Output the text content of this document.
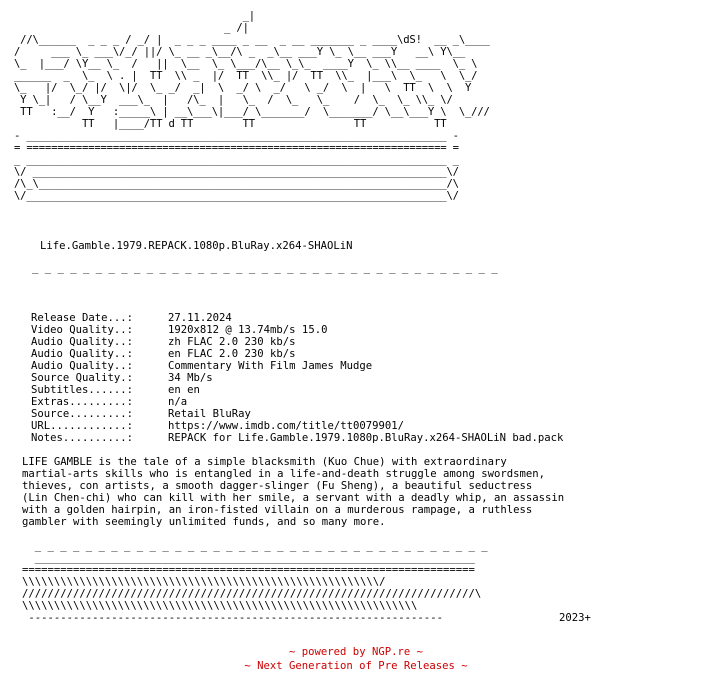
_|
_ /|
//\______  _ _ _ / _/ |  _ _ _ ____ _ __  _ __ _______ _ ____\dS!  __ _\____
/     ___ \_ ___\/_/ ||/ \_ __ _\__/\ _  _\__ ___Y \_ \__ ___Y   __\ Y\__
\_  |___/ \Y__ \_  /   ||  \__  \_ \___/\__ \_\_  ____Y  \_ \\__ ____  \_ \
______  _  \_  \ . |  TT  \\ _  |/  TT  \\_ |/  TT  \\_  |___\  \_   \  \_/
\_   |/  \_/ |/  \|/  \_ _/  _|  \  _/ \  _/   \ _/  \  |   \  TT  \  \  Y
Y \_|   / \__Y  ___\_  |   /\_  |   \_  /  \_   \_    /  \_  \_ \\_ \/
TT   :__/  Y   :_____\ | __\___\|___/ \_______/  \_______/ \__\___Y \  \_///
TT   |____/TT d TT        TT                TT           TT
- ____________________________________________________________________ -
= ==================================================================== =
_ ____________________________________________________________________ _
\/ ___________________________________________________________________\/
/\_\__________________________________________________________________/\
\/____________________________________________________________________\/
Life.Gamble.1979.REPACK.1080p.BluRay.x264-SHAOLiN
_ _ _ _ _ _ _ _ _ _ _ _ _ _ _ _ _ _ _ _ _ _ _ _ _ _ _ _ _ _ _ _ _ _ _ _ _
Release Date...:	27.11.2024
Video Quality..:	1920x812 @ 13.74mb/s 15.0
Audio Quality..:	zh FLAC 2.0 230 kb/s
Audio Quality..:	en FLAC 2.0 230 kb/s
Audio Quality..:	Commentary With Film James Mudge
Source Quality.:	34 Mb/s
Subtitles......:	en en
Extras.........:	n/a
Source.........:	Retail BluRay
URL............:	https://www.imdb.com/title/tt0079901/
Notes..........:	REPACK for Life.Gamble.1979.1080p.BluRay.x264-SHAOLiN bad.pack

LIFE GAMBLE is the tale of a simple blacksmith (Kuo Chue) with extraordinary
martial-arts skills who is entangled in a life-and-death struggle among swordsmen,
thieves, con artists, a smooth dagger-slinger (Fu Sheng), a beautiful seductress
(Lin Chen-chi) who can kill with her smile, a servant with a deadly whip, an assassin
with a golden hairpin, an iron-fisted villain on a murderous rampage, a ruthless
gambler with seemingly unlimited funds, and so many more.

_ _ _ _ _ _ _ _ _ _ _ _ _ _ _ _ _ _ _ _ _ _ _ _ _ _ _ _ _ _ _ _ _ _ _ _
_____________________________________________________________________
=======================================================================
\\\\\\\\\\\\\\\\\\\\\\\\\\\\\\\\\\\\\\\\\\\\\\\\\\\\\\\\/
///////////////////////////////////////////////////////////////////////\
\\\\\\\\\\\\\\\\\\\\\\\\\\\\\\\\\\\\\\\\\\\\\\\\\\\\\\\\\\\\\\
-----------------------------------------------------------------	2023+
~ powered by NGP.re ~
~ Next Generation of Pre Releases ~
